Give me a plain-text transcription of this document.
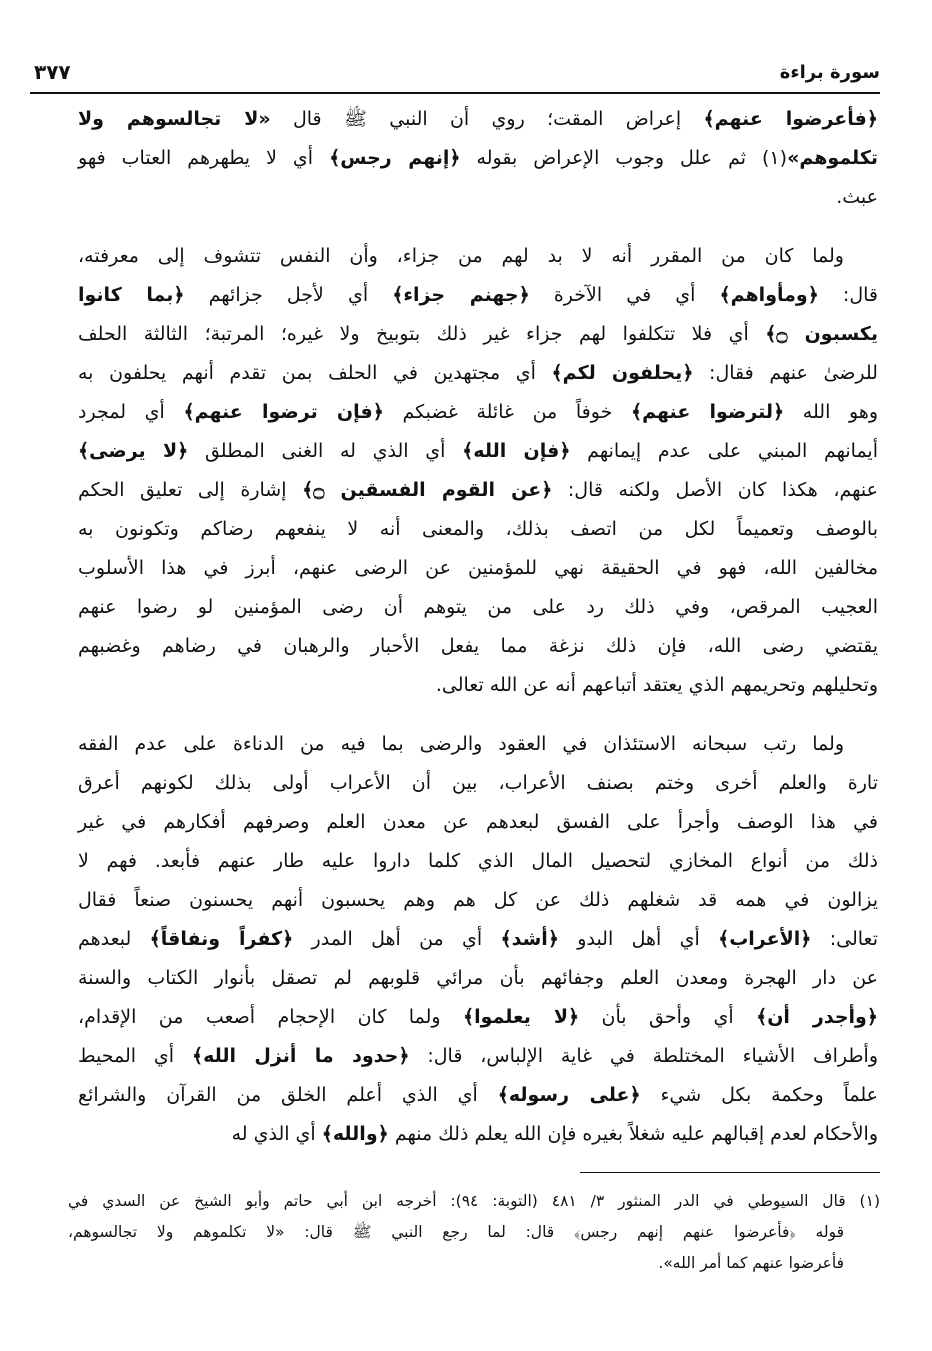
سورة براءة
٣٧٧
﴿فأعرضوا عنهم﴾ إعراض المقت؛ روي أن النبي ﷺ قال «لا تجالسوهم ولا
تكلموهم»(١) ثم علل وجوب الإعراض بقوله ﴿إنهم رجس﴾ أي لا يطهرهم العتاب فهو
عبث.
ولما كان من المقرر أنه لا بد لهم من جزاء، وأن النفس تتشوف إلى معرفته،
قال: ﴿ومأواهم﴾ أي في الآخرة ﴿جهنم جزاء﴾ أي لأجل جزائهم ﴿بما كانوا
يكسبون ۝﴾ أي فلا تتكلفوا لهم جزاء غير ذلك بتوبيخ ولا غيره؛ المرتبة؛ الثالثة الحلف
للرضىٰ عنهم فقال: ﴿يحلفون لكم﴾ أي مجتهدين في الحلف بمن تقدم أنهم يحلفون به
وهو الله ﴿لترضوا عنهم﴾ خوفاً من غائلة غضبكم ﴿فإن ترضوا عنهم﴾ أي لمجرد
أيمانهم المبني على عدم إيمانهم ﴿فإن الله﴾ أي الذي له الغنى المطلق ﴿لا يرضى﴾
عنهم، هكذا كان الأصل ولكنه قال: ﴿عن القوم الفسقين ۝﴾ إشارة إلى تعليق الحكم
بالوصف وتعميماً لكل من اتصف بذلك، والمعنى أنه لا ينفعهم رضاكم وتكونون به
مخالفين الله، فهو في الحقيقة نهي للمؤمنين عن الرضى عنهم، أبرز في هذا الأسلوب
العجيب المرقص، وفي ذلك رد على من يتوهم أن رضى المؤمنين لو رضوا عنهم
يقتضي رضى الله، فإن ذلك نزغة مما يفعل الأحبار والرهبان في رضاهم وغضبهم
وتحليلهم وتحريمهم الذي يعتقد أتباعهم أنه عن الله تعالى.
ولما رتب سبحانه الاستئذان في العقود والرضى بما فيه من الدناءة على عدم الفقه
تارة والعلم أخرى وختم بصنف الأعراب، بين أن الأعراب أولى بذلك لكونهم أعرق
في هذا الوصف وأجرأ على الفسق لبعدهم عن معدن العلم وصرفهم أفكارهم في غير
ذلك من أنواع المخازي لتحصيل المال الذي كلما داروا عليه طار عنهم فأبعد. فهم لا
يزالون في همه قد شغلهم ذلك عن كل هم وهم يحسبون أنهم يحسنون صنعاً فقال
تعالى: ﴿الأعراب﴾ أي أهل البدو ﴿أشد﴾ أي من أهل المدر ﴿كفراً ونفاقاً﴾ لبعدهم
عن دار الهجرة ومعدن العلم وجفائهم بأن مرائي قلوبهم لم تصقل بأنوار الكتاب والسنة
﴿وأجدر أن﴾ أي وأحق بأن ﴿لا يعلموا﴾ ولما كان الإحجام أصعب من الإقدام،
وأطراف الأشياء المختلطة في غاية الإلباس، قال: ﴿حدود ما أنزل الله﴾ أي المحيط
علماً وحكمة بكل شيء ﴿على رسوله﴾ أي الذي أعلم الخلق من القرآن والشرائع
والأحكام لعدم إقبالهم عليه شغلاً بغيره فإن الله يعلم ذلك منهم ﴿والله﴾ أي الذي له
(١) قال السيوطي في الدر المنثور ٣/ ٤٨١ (التوبة: ٩٤): أخرجه ابن أبي حاتم وأبو الشيخ عن السدي في
قوله ﴿فأعرضوا عنهم إنهم رجس﴾ قال: لما رجع النبي ﷺ قال: «لا تكلموهم ولا تجالسوهم،
فأعرضوا عنهم كما أمر الله».
